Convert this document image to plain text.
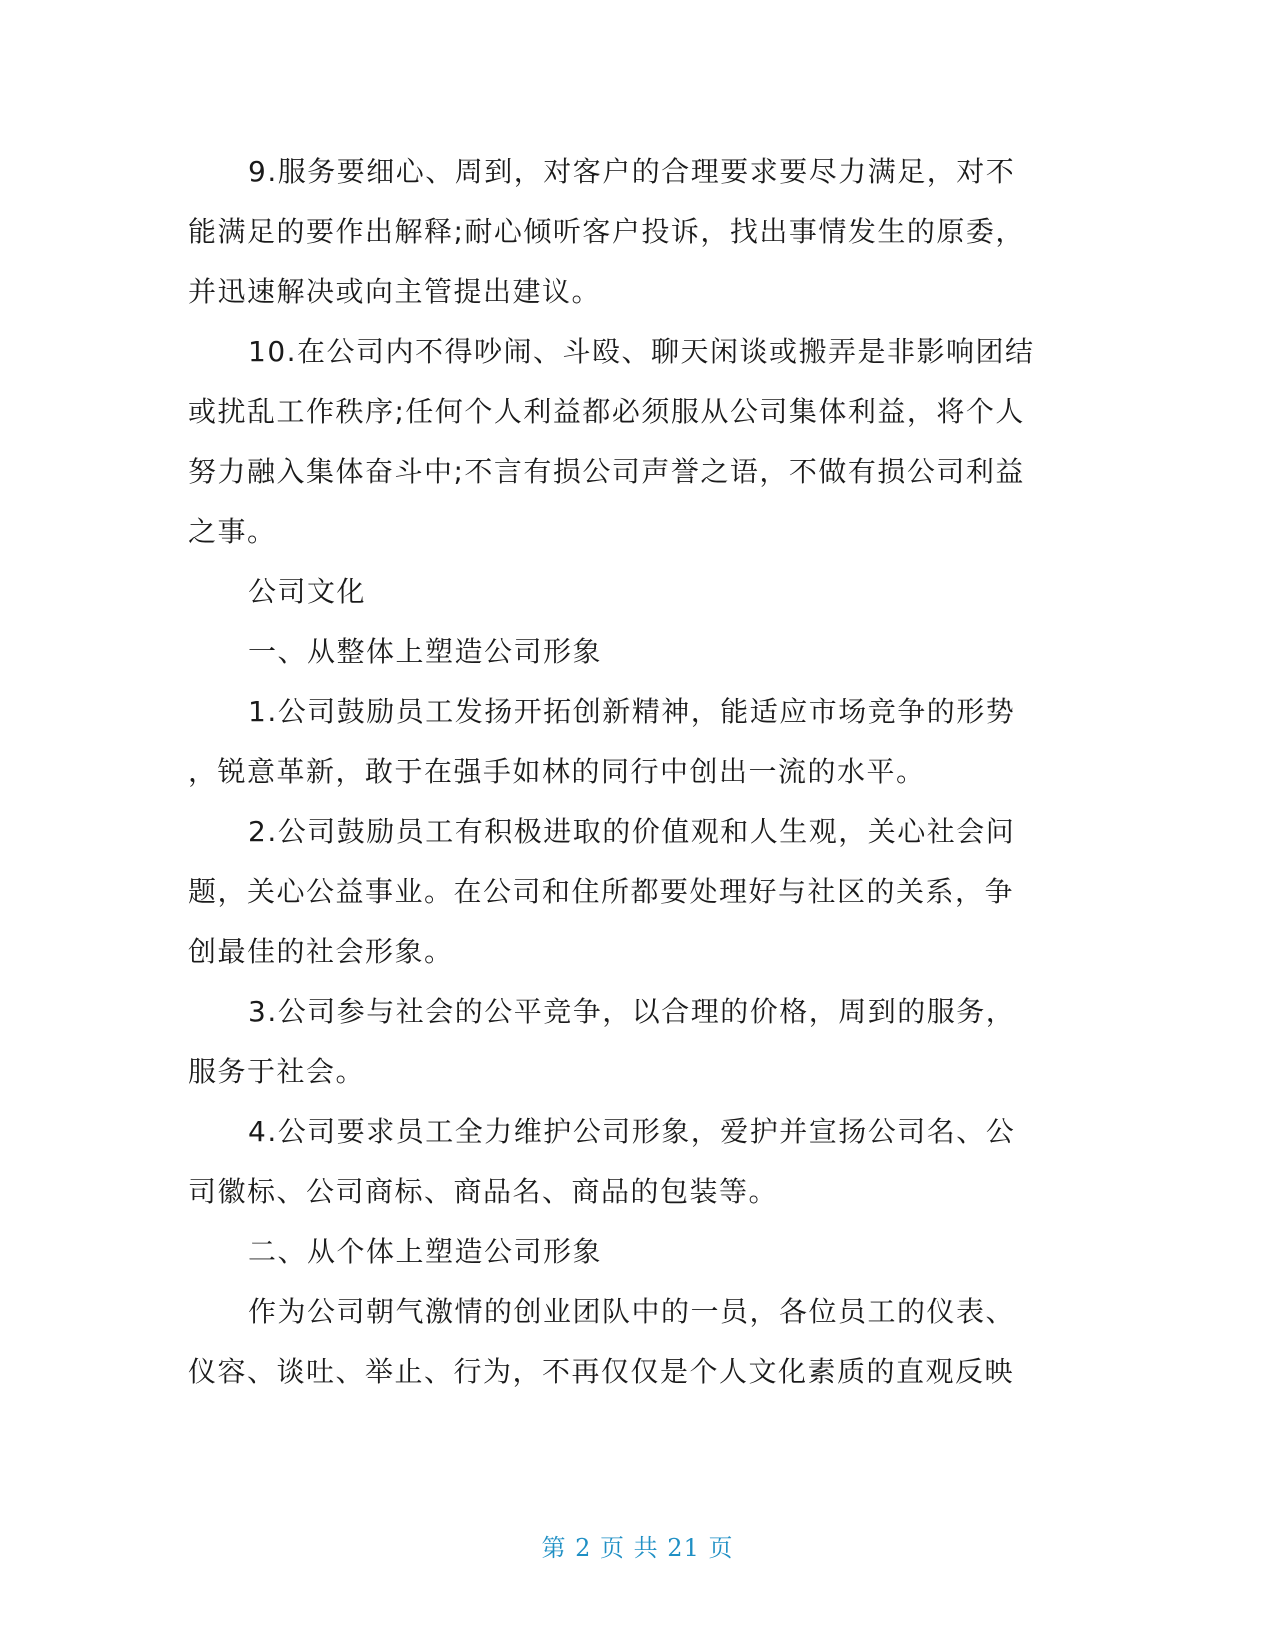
9.服务要细心、周到，对客户的合理要求要尽力满足，对不
能满足的要作出解释;耐心倾听客户投诉，找出事情发生的原委，
并迅速解决或向主管提出建议。

10.在公司内不得吵闹、斗殴、聊天闲谈或搬弄是非影响团结
或扰乱工作秩序;任何个人利益都必须服从公司集体利益，将个人
努力融入集体奋斗中;不言有损公司声誉之语，不做有损公司利益
之事。

公司文化

一、从整体上塑造公司形象

1.公司鼓励员工发扬开拓创新精神，能适应市场竞争的形势
，锐意革新，敢于在强手如林的同行中创出一流的水平。

2.公司鼓励员工有积极进取的价值观和人生观，关心社会问
题，关心公益事业。在公司和住所都要处理好与社区的关系，争
创最佳的社会形象。

3.公司参与社会的公平竞争，以合理的价格，周到的服务，
服务于社会。

4.公司要求员工全力维护公司形象，爱护并宣扬公司名、公
司徽标、公司商标、商品名、商品的包装等。

二、从个体上塑造公司形象

作为公司朝气激情的创业团队中的一员，各位员工的仪表、
仪容、谈吐、举止、行为，不再仅仅是个人文化素质的直观反映

第 2 页 共 21 页
